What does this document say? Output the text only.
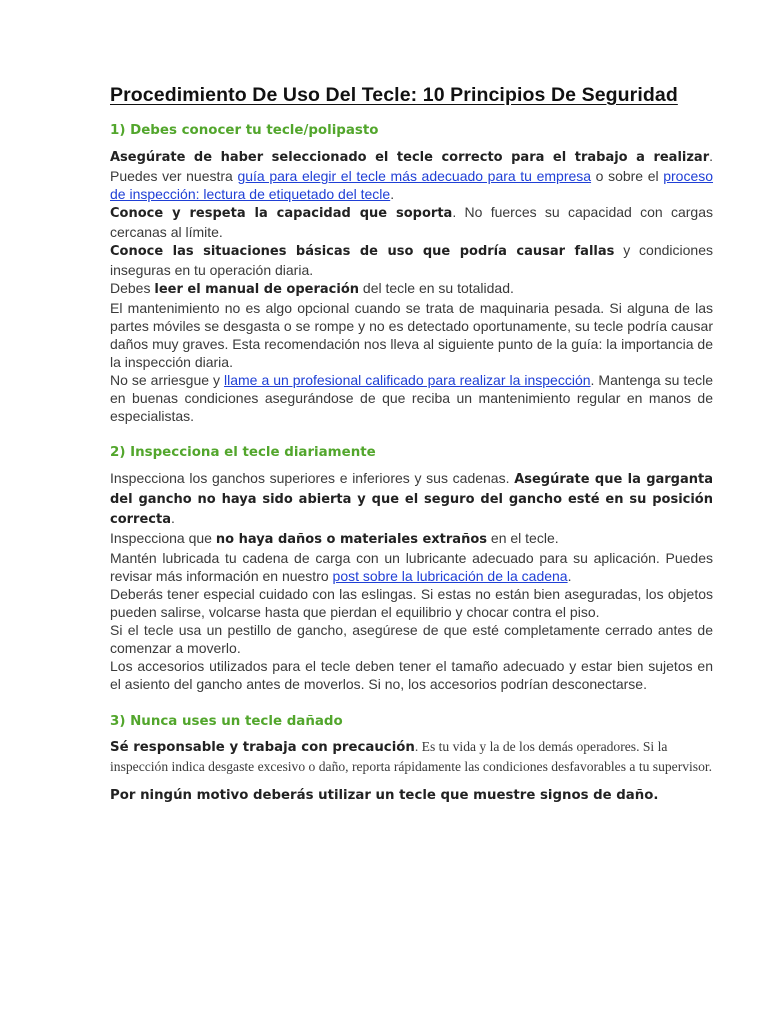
Procedimiento De Uso Del Tecle: 10 Principios De Seguridad
1) Debes conocer tu tecle/polipasto

Asegúrate de haber seleccionado el tecle correcto para el trabajo a realizar. Puedes ver nuestra guía para elegir el tecle más adecuado para tu empresa o sobre el proceso de inspección: lectura de etiquetado del tecle.

Conoce y respeta la capacidad que soporta. No fuerces su capacidad con cargas cercanas al límite.

Conoce las situaciones básicas de uso que podría causar fallas y condiciones inseguras en tu operación diaria.

Debes leer el manual de operación del tecle en su totalidad.

El mantenimiento no es algo opcional cuando se trata de maquinaria pesada. Si alguna de las partes móviles se desgasta o se rompe y no es detectado oportunamente, su tecle podría causar daños muy graves. Esta recomendación nos lleva al siguiente punto de la guía: la importancia de la inspección diaria.

No se arriesgue y llame a un profesional calificado para realizar la inspección. Mantenga su tecle en buenas condiciones asegurándose de que reciba un mantenimiento regular en manos de especialistas.

2) Inspecciona el tecle diariamente

Inspecciona los ganchos superiores e inferiores y sus cadenas. Asegúrate que la garganta del gancho no haya sido abierta y que el seguro del gancho esté en su posición correcta.

Inspecciona que no haya daños o materiales extraños en el tecle.

Mantén lubricada tu cadena de carga con un lubricante adecuado para su aplicación. Puedes revisar más información en nuestro post sobre la lubricación de la cadena.

Deberás tener especial cuidado con las eslingas. Si estas no están bien aseguradas, los objetos pueden salirse, volcarse hasta que pierdan el equilibrio y chocar contra el piso.

Si el tecle usa un pestillo de gancho, asegúrese de que esté completamente cerrado antes de comenzar a moverlo.

Los accesorios utilizados para el tecle deben tener el tamaño adecuado y estar bien sujetos en el asiento del gancho antes de moverlos. Si no, los accesorios podrían desconectarse.

3) Nunca uses un tecle dañado

Sé responsable y trabaja con precaución. Es tu vida y la de los demás operadores. Si la inspección indica desgaste excesivo o daño, reporta rápidamente las condiciones desfavorables a tu supervisor.

Por ningún motivo deberás utilizar un tecle que muestre signos de daño.
